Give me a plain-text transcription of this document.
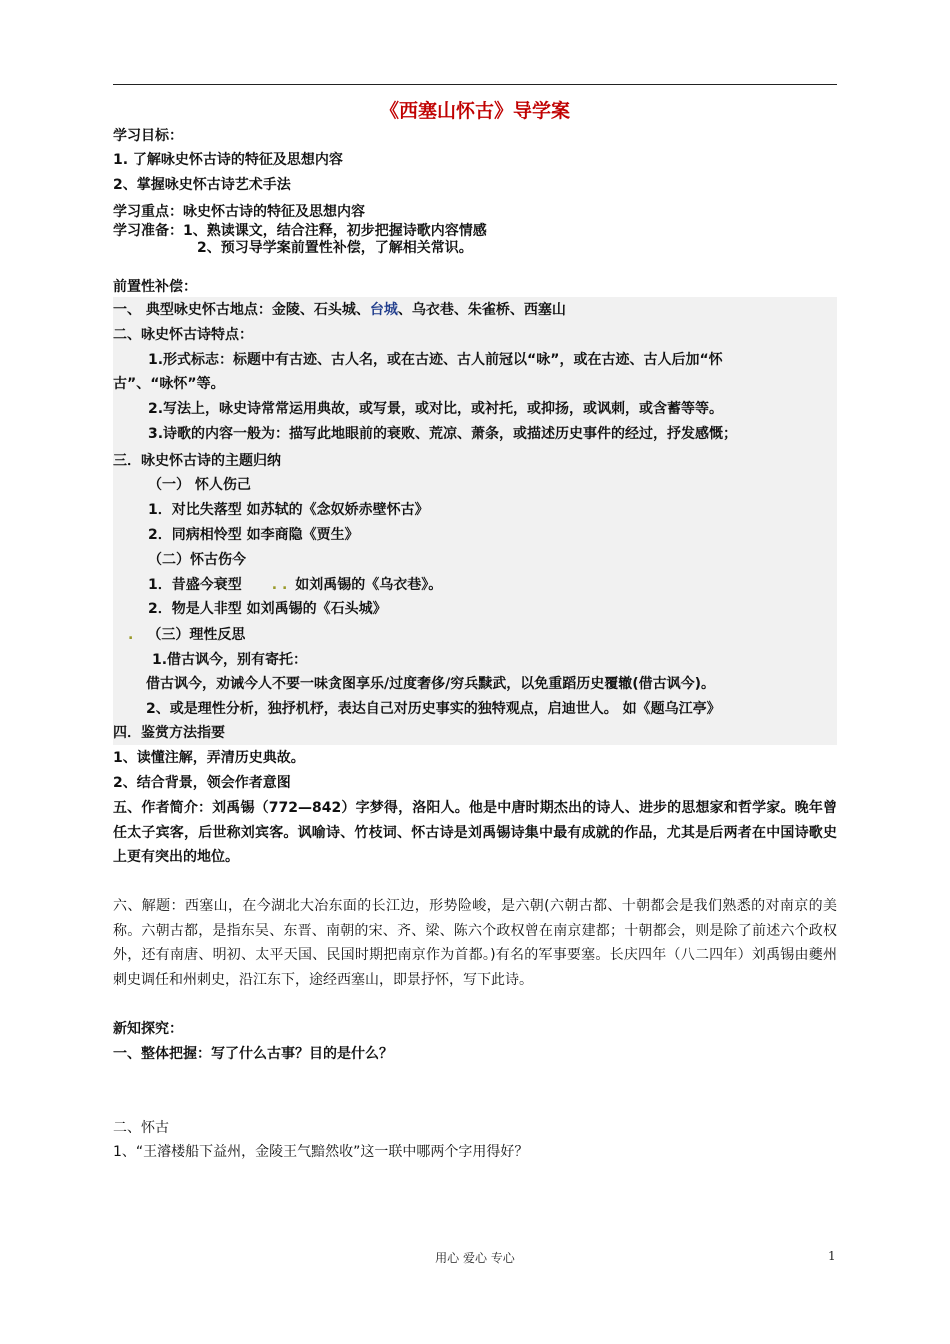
《西塞山怀古》导学案
学习目标：
1. 了解咏史怀古诗的特征及思想内容
2、掌握咏史怀古诗艺术手法
学习重点：咏史怀古诗的特征及思想内容
学习准备：1、熟读课文，结合注释，初步把握诗歌内容情感
2、预习导学案前置性补偿，了解相关常识。
前置性补偿：
一、 典型咏史怀古地点：金陵、石头城、台城、乌衣巷、朱雀桥、西塞山
二、咏史怀古诗特点：
1.形式标志：标题中有古迹、古人名，或在古迹、古人前冠以“咏”，或在古迹、古人后加“怀
古”、“咏怀”等。
2.写法上，咏史诗常常运用典故，或写景，或对比，或衬托，或抑扬，或讽刺，或含蓄等等。
3.诗歌的内容一般为：描写此地眼前的衰败、荒凉、萧条，或描述历史事件的经过，抒发感慨；
三．咏史怀古诗的主题归纳
（一） 怀人伤己
1．对比失落型 如苏轼的《念奴娇赤壁怀古》
2．同病相怜型 如李商隐《贾生》
（二）怀古伤今
1．昔盛今衰型 . . 如刘禹锡的《乌衣巷》。
2．物是人非型 如刘禹锡的《石头城》
. （三）理性反思
1.借古讽今，别有寄托：
借古讽今，劝诫今人不要一味贪图享乐/过度奢侈/穷兵黩武，以免重蹈历史覆辙(借古讽今)。
2、或是理性分析，独抒机杼，表达自己对历史事实的独特观点，启迪世人。 如《题乌江亭》
四．鉴赏方法指要
1、读懂注解，弄清历史典故。
2、结合背景，领会作者意图
五、作者简介：刘禹锡（772—842）字梦得，洛阳人。他是中唐时期杰出的诗人、进步的思想家和哲学家。晚年曾任太子宾客，后世称刘宾客。讽喻诗、竹枝词、怀古诗是刘禹锡诗集中最有成就的作品，尤其是后两者在中国诗歌史上更有突出的地位。
六、解题：西塞山，在今湖北大冶东面的长江边，形势险峻，是六朝(六朝古都、十朝都会是我们熟悉的对南京的美称。六朝古都，是指东吴、东晋、南朝的宋、齐、梁、陈六个政权曾在南京建都；十朝都会，则是除了前述六个政权外，还有南唐、明初、太平天国、民国时期把南京作为首都。)有名的军事要塞。长庆四年（八二四年）刘禹锡由夔州刺史调任和州刺史，沿江东下，途经西塞山，即景抒怀，写下此诗。
新知探究：
一、整体把握：写了什么古事？目的是什么？
二、怀古
1、“王濬楼船下益州，金陵王气黯然收”这一联中哪两个字用得好？
用心 爱心 专心	1
